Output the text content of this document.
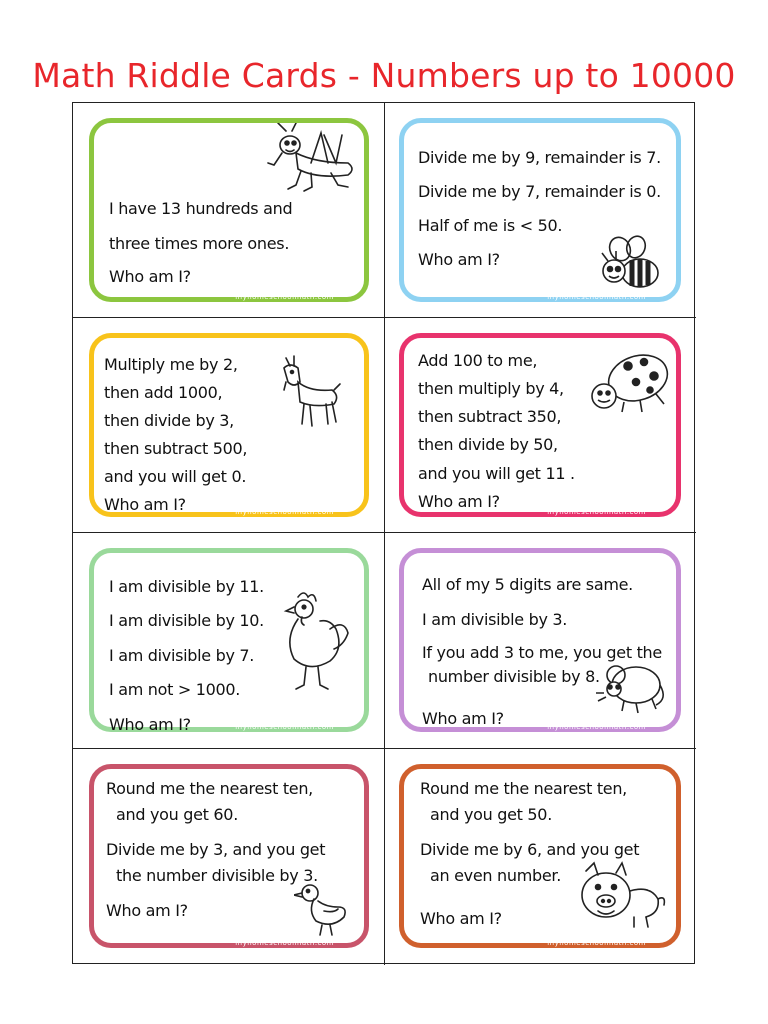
Math Riddle Cards - Numbers up to 10000
I have 13 hundreds and
three times more ones.
Who am I?
myhomeschoolmath.com
Divide me by 9, remainder is 7.
Divide me by 7, remainder is 0.
Half of me is < 50.
Who am I?
myhomeschoolmath.com
Multiply me by 2,
then add 1000,
then divide by 3,
then subtract 500,
and you will get 0.
Who am I?	myhomeschoolmath.com
Add 100 to me,
then multiply by 4,
then subtract 350,
then divide by 50,
and you will get 11 .
Who am I?
myhomeschoolmath.com
I am divisible by 11.
I am divisible by 10.
I am divisible by 7.
I am not > 1000.
Who am I?	myhomeschoolmath.com
All of my 5 digits are same.
I am divisible by 3.
If you add 3 to me, you get the
number divisible by 8.
Who am I?	myhomeschoolmath.com
Round me the nearest ten,
and you get 60.
Divide me by 3, and you get
the number divisible by 3.
Who am I?
myhomeschoolmath.com
Round me the nearest ten,
and you get 50.
Divide me by 6, and you get
an even number.
Who am I?
myhomeschoolmath.com
